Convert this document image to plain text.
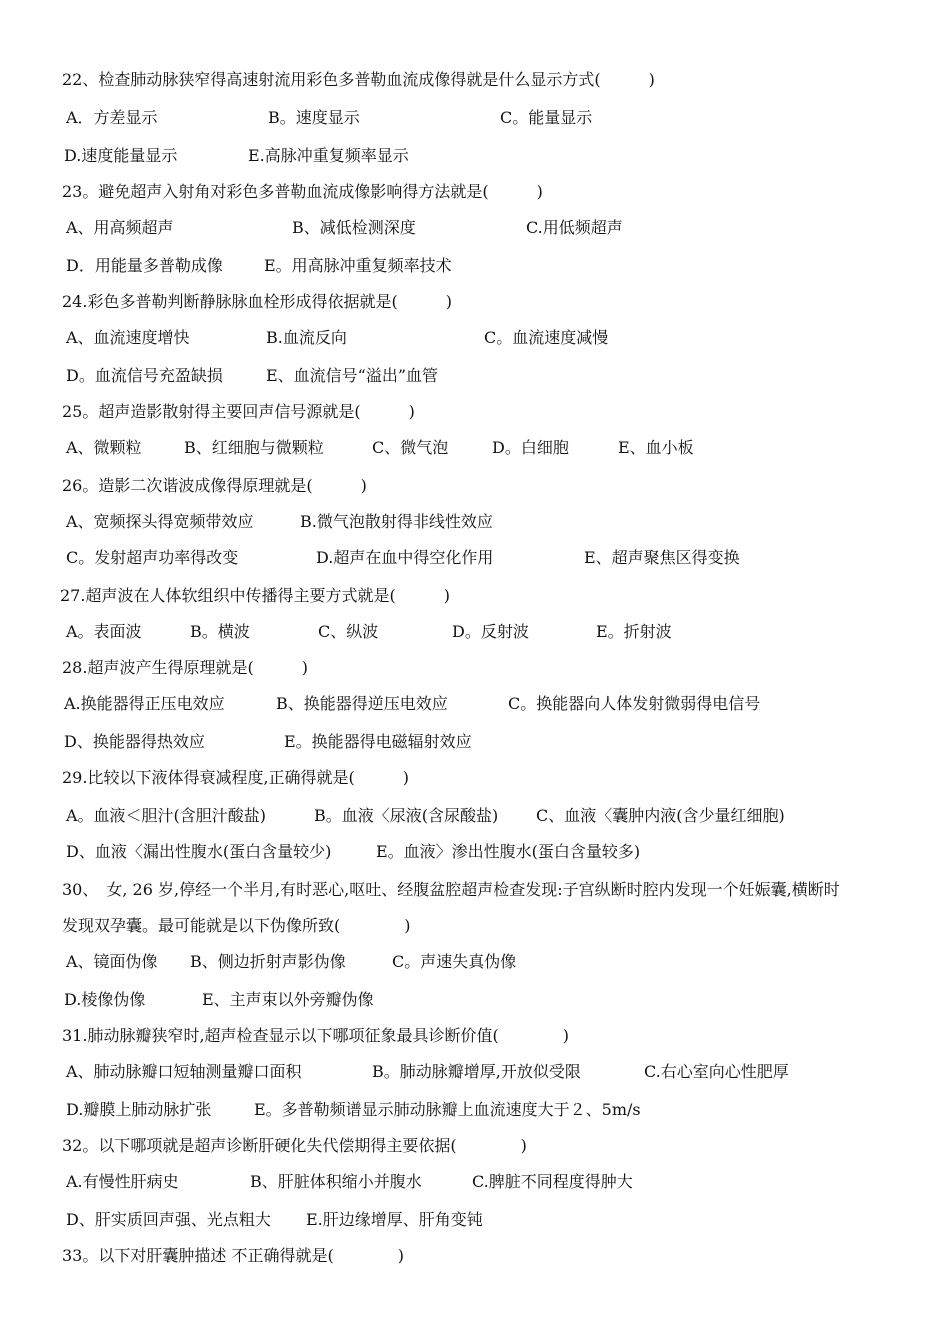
22、检查肺动脉狭窄得高速射流用彩色多普勒血流成像得就是什么显示方式(　　　)
A．方差显示	B。速度显示	C。能量显示
D.速度能量显示	E.高脉冲重复频率显示
23。避免超声入射角对彩色多普勒血流成像影响得方法就是(　　　)
A、用高频超声	B、减低检测深度	C.用低频超声
D．用能量多普勒成像	E。用高脉冲重复频率技术
24.彩色多普勒判断静脉脉血栓形成得依据就是(　　　)
A、血流速度增快	B.血流反向	C。血流速度减慢
D。血流信号充盈缺损	E、血流信号“溢出”血管
25。超声造影散射得主要回声信号源就是(　　　)
A、微颗粒	B、红细胞与微颗粒	C、微气泡	D。白细胞	E、血小板
26。造影二次谐波成像得原理就是(　　　)
A、宽频探头得宽频带效应	B.微气泡散射得非线性效应
C。发射超声功率得改变	D.超声在血中得空化作用	E、超声聚焦区得变换
27.超声波在人体软组织中传播得主要方式就是(　　　)
A。表面波	B。横波	C、纵波	D。反射波	E。折射波
28.超声波产生得原理就是(　　　)
A.换能器得正压电效应	B、换能器得逆压电效应	C。换能器向人体发射微弱得电信号
D、换能器得热效应	E。换能器得电磁辐射效应
29.比较以下液体得衰减程度,正确得就是(　　　)
A。血液＜胆汁(含胆汁酸盐)	B。血液〈尿液(含尿酸盐) C、血液〈囊肿内液(含少量红细胞)
D、血液〈漏出性腹水(蛋白含量较少)	E。血液〉渗出性腹水(蛋白含量较多)
30、　女, 26 岁,停经一个半月,有时恶心,呕吐、经腹盆腔超声检查发现:子宫纵断时腔内发现一个妊娠囊,横断时
发现双孕囊。最可能就是以下伪像所致(　　　　)
A、镜面伪像 B、侧边折射声影伪像	C。声速失真伪像
D.棱像伪像	E、主声束以外旁瓣伪像
31.肺动脉瓣狭窄时,超声检查显示以下哪项征象最具诊断价值(　　　　)
A、肺动脉瓣口短轴测量瓣口面积	B。肺动脉瓣增厚,开放似受限	C.右心室向心性肥厚
D.瓣膜上肺动脉扩张	E。多普勒频谱显示肺动脉瓣上血流速度大于２、5m/s
32。以下哪项就是超声诊断肝硬化失代偿期得主要依据(　　　　)
A.有慢性肝病史	B、肝脏体积缩小并腹水	C.脾脏不同程度得肿大
D、肝实质回声强、光点粗大 E.肝边缘增厚、肝角变钝
33。以下对肝囊肿描述 不正确得就是(　　　　)
